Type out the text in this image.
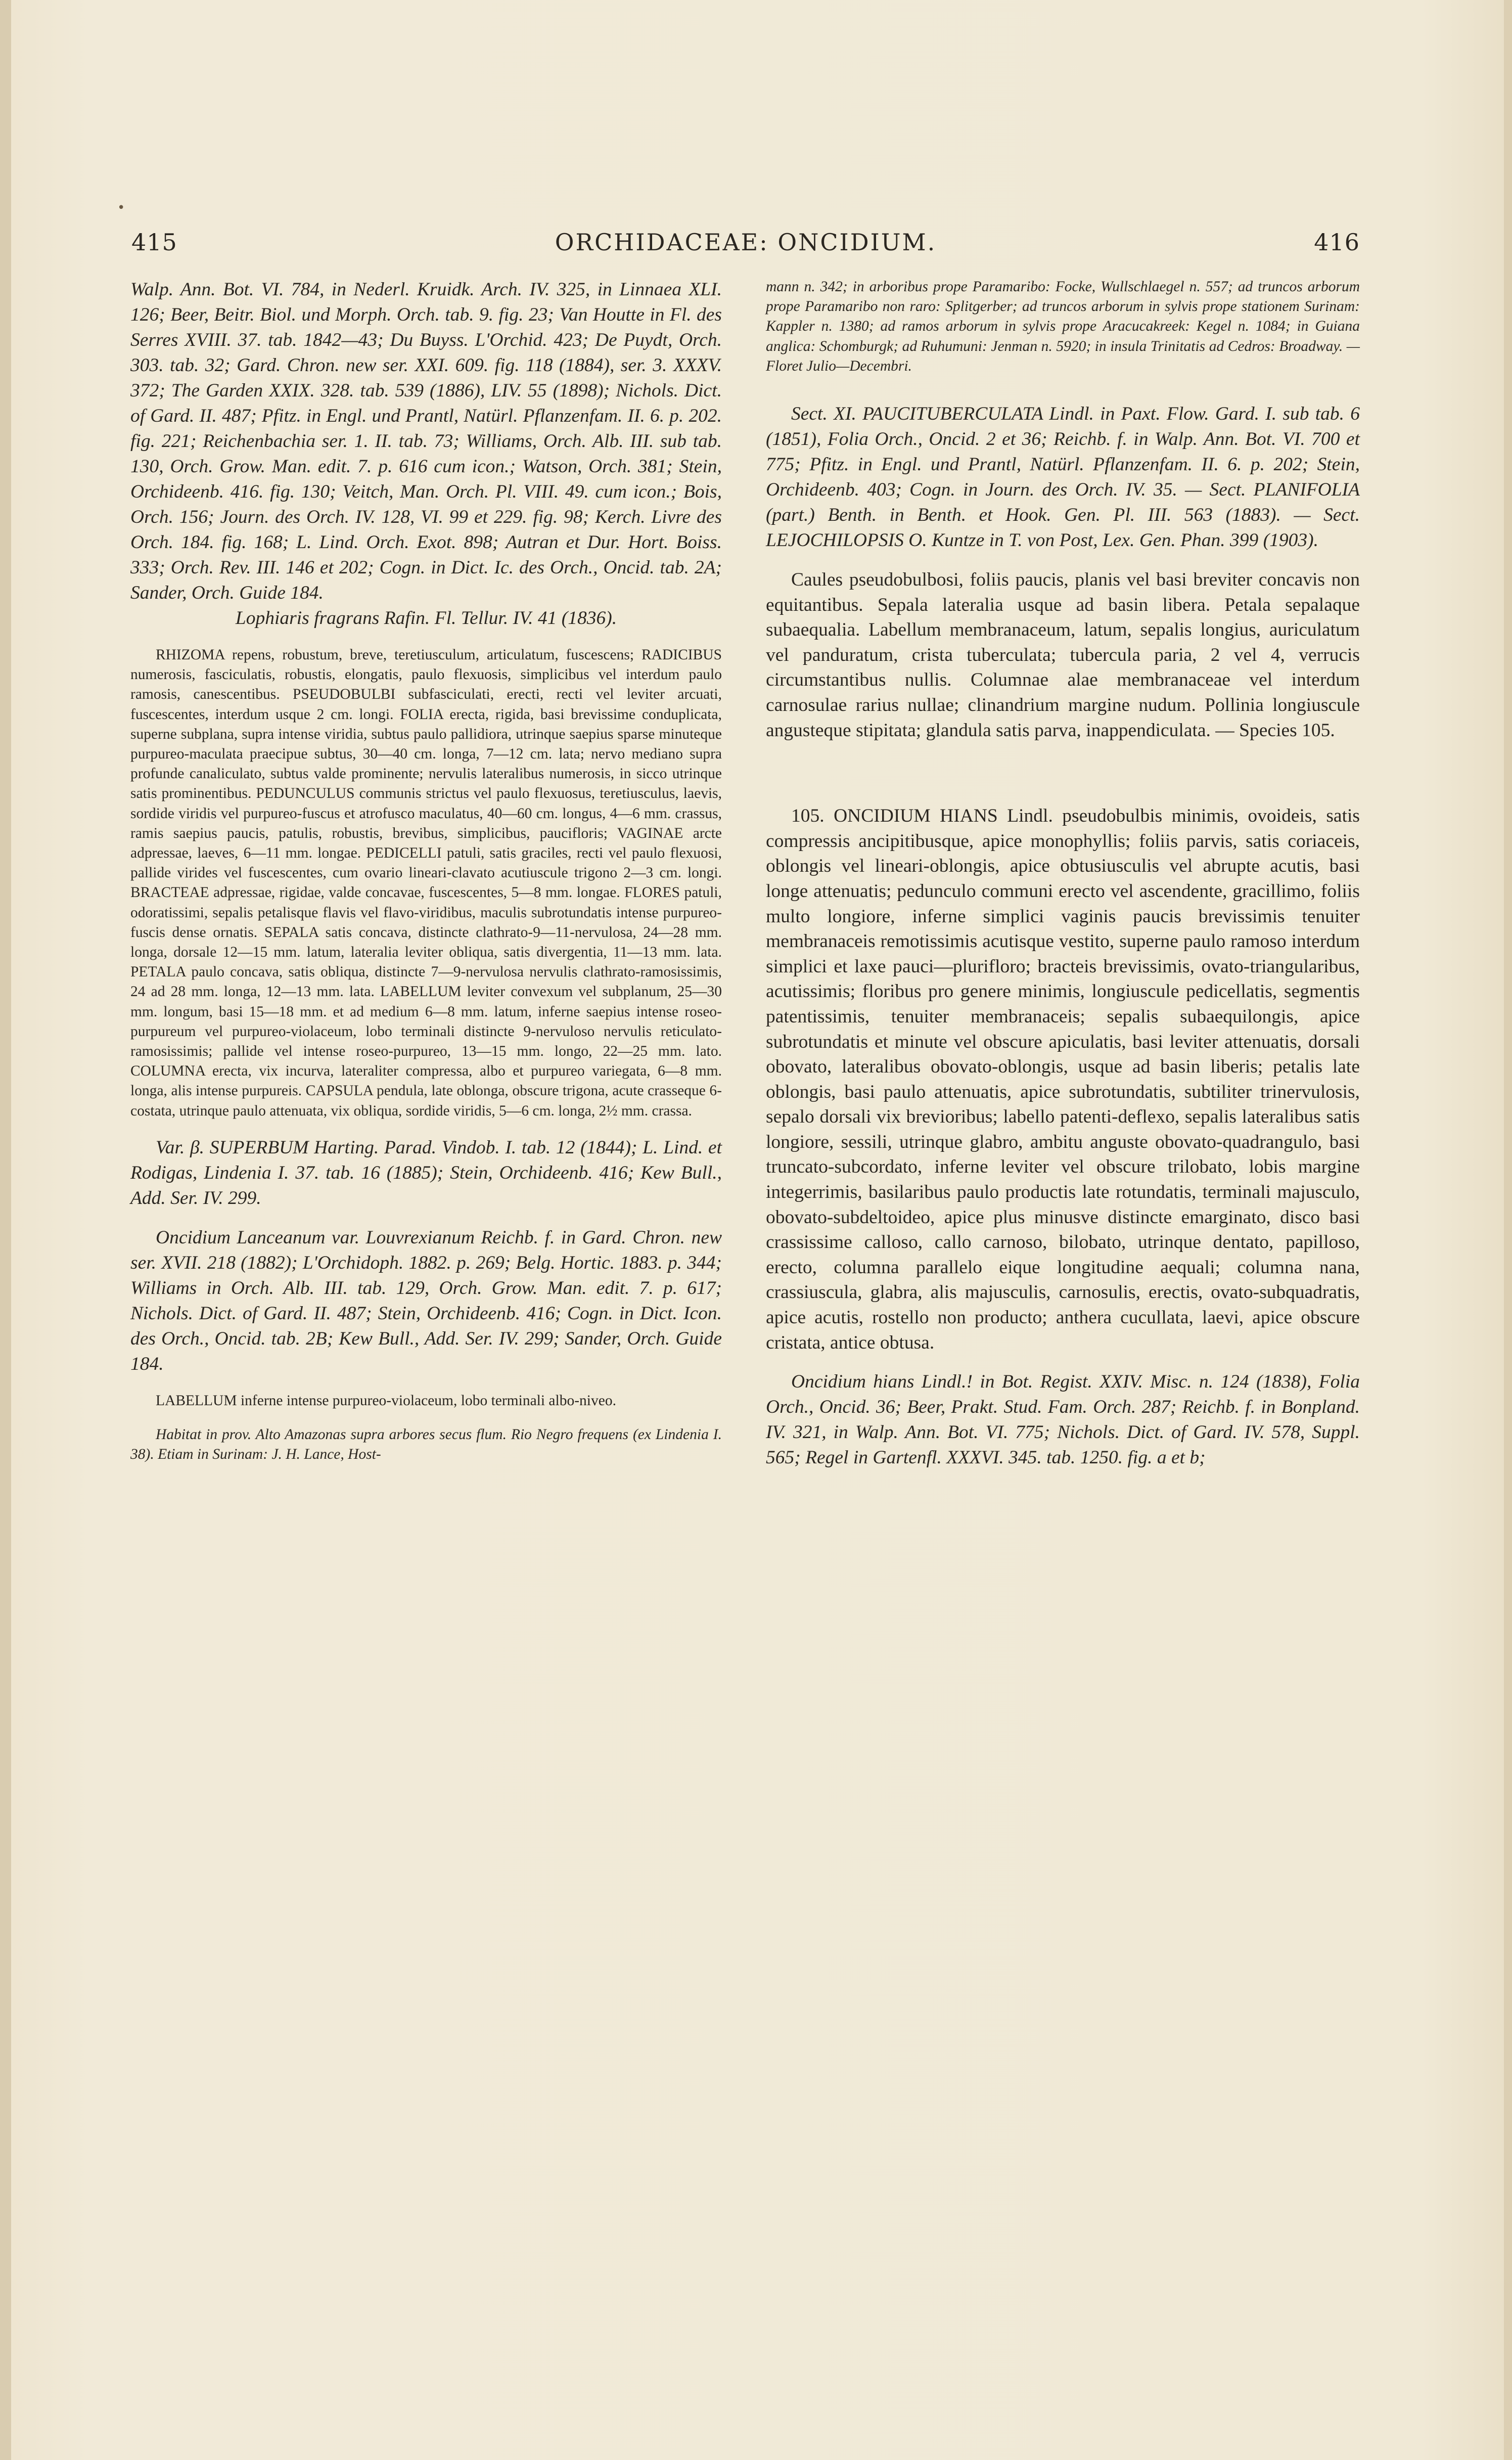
•
415	ORCHIDACEAE: ONCIDIUM.	416

Walp. Ann. Bot. VI. 784, in Nederl. Kruidk. Arch. IV. 325, in Linnaea XLI. 126; Beer, Beitr. Biol. und Morph. Orch. tab. 9. fig. 23; Van Houtte in Fl. des Serres XVIII. 37. tab. 1842—43; Du Buyss. L'Orchid. 423; De Puydt, Orch. 303. tab. 32; Gard. Chron. new ser. XXI. 609. fig. 118 (1884), ser. 3. XXXV. 372; The Garden XXIX. 328. tab. 539 (1886), LIV. 55 (1898); Nichols. Dict. of Gard. II. 487; Pfitz. in Engl. und Prantl, Natürl. Pflanzenfam. II. 6. p. 202. fig. 221; Reichenbachia ser. 1. II. tab. 73; Williams, Orch. Alb. III. sub tab. 130, Orch. Grow. Man. edit. 7. p. 616 cum icon.; Watson, Orch. 381; Stein, Orchideenb. 416. fig. 130; Veitch, Man. Orch. Pl. VIII. 49. cum icon.; Bois, Orch. 156; Journ. des Orch. IV. 128, VI. 99 et 229. fig. 98; Kerch. Livre des Orch. 184. fig. 168; L. Lind. Orch. Exot. 898; Autran et Dur. Hort. Boiss. 333; Orch. Rev. III. 146 et 202; Cogn. in Dict. Ic. des Orch., Oncid. tab. 2A; Sander, Orch. Guide 184.

Lophiaris fragrans Rafin. Fl. Tellur. IV. 41 (1836).

RHIZOMA repens, robustum, breve, teretiusculum, articulatum, fuscescens; RADICIBUS numerosis, fasciculatis, robustis, elongatis, paulo flexuosis, simplicibus vel interdum paulo ramosis, canescentibus. PSEUDOBULBI subfasciculati, erecti, recti vel leviter arcuati, fuscescentes, interdum usque 2 cm. longi. FOLIA erecta, rigida, basi brevissime conduplicata, superne subplana, supra intense viridia, subtus paulo pallidiora, utrinque saepius sparse minuteque purpureo-maculata praecipue subtus, 30—40 cm. longa, 7—12 cm. lata; nervo mediano supra profunde canaliculato, subtus valde prominente; nervulis lateralibus numerosis, in sicco utrinque satis prominentibus. PEDUNCULUS communis strictus vel paulo flexuosus, teretiusculus, laevis, sordide viridis vel purpureo-fuscus et atrofusco maculatus, 40—60 cm. longus, 4—6 mm. crassus, ramis saepius paucis, patulis, robustis, brevibus, simplicibus, paucifloris; VAGINAE arcte adpressae, laeves, 6—11 mm. longae. PEDICELLI patuli, satis graciles, recti vel paulo flexuosi, pallide virides vel fuscescentes, cum ovario lineari-clavato acutiuscule trigono 2—3 cm. longi. BRACTEAE adpressae, rigidae, valde concavae, fuscescentes, 5—8 mm. longae. FLORES patuli, odoratissimi, sepalis petalisque flavis vel flavo-viridibus, maculis subrotundatis intense purpureo-fuscis dense ornatis. SEPALA satis concava, distincte clathrato-9—11-nervulosa, 24—28 mm. longa, dorsale 12—15 mm. latum, lateralia leviter obliqua, satis divergentia, 11—13 mm. lata. PETALA paulo concava, satis obliqua, distincte 7—9-nervulosa nervulis clathrato-ramosissimis, 24 ad 28 mm. longa, 12—13 mm. lata. LABELLUM leviter convexum vel subplanum, 25—30 mm. longum, basi 15—18 mm. et ad medium 6—8 mm. latum, inferne saepius intense roseo-purpureum vel purpureo-violaceum, lobo terminali distincte 9-nervuloso nervulis reticulato-ramosissimis; pallide vel intense roseo-purpureo, 13—15 mm. longo, 22—25 mm. lato. COLUMNA erecta, vix incurva, lateraliter compressa, albo et purpureo variegata, 6—8 mm. longa, alis intense purpureis. CAPSULA pendula, late oblonga, obscure trigona, acute crasseque 6-costata, utrinque paulo attenuata, vix obliqua, sordide viridis, 5—6 cm. longa, 2½ mm. crassa.

Var. β. SUPERBUM Harting. Parad. Vindob. I. tab. 12 (1844); L. Lind. et Rodigas, Lindenia I. 37. tab. 16 (1885); Stein, Orchideenb. 416; Kew Bull., Add. Ser. IV. 299.

Oncidium Lanceanum var. Louvrexianum Reichb. f. in Gard. Chron. new ser. XVII. 218 (1882); L'Orchidoph. 1882. p. 269; Belg. Hortic. 1883. p. 344; Williams in Orch. Alb. III. tab. 129, Orch. Grow. Man. edit. 7. p. 617; Nichols. Dict. of Gard. II. 487; Stein, Orchideenb. 416; Cogn. in Dict. Icon. des Orch., Oncid. tab. 2B; Kew Bull., Add. Ser. IV. 299; Sander, Orch. Guide 184.

LABELLUM inferne intense purpureo-violaceum, lobo terminali albo-niveo.

Habitat in prov. Alto Amazonas supra arbores secus flum. Rio Negro frequens (ex Lindenia I. 38). Etiam in Surinam: J. H. Lance, Host-

mann n. 342; in arboribus prope Paramaribo: Focke, Wullschlaegel n. 557; ad truncos arborum prope Paramaribo non raro: Splitgerber; ad truncos arborum in sylvis prope stationem Surinam: Kappler n. 1380; ad ramos arborum in sylvis prope Aracucakreek: Kegel n. 1084; in Guiana anglica: Schomburgk; ad Ruhumuni: Jenman n. 5920; in insula Trinitatis ad Cedros: Broadway. — Floret Julio—Decembri.

Sect. XI. PAUCITUBERCULATA Lindl. in Paxt. Flow. Gard. I. sub tab. 6 (1851), Folia Orch., Oncid. 2 et 36; Reichb. f. in Walp. Ann. Bot. VI. 700 et 775; Pfitz. in Engl. und Prantl, Natürl. Pflanzenfam. II. 6. p. 202; Stein, Orchideenb. 403; Cogn. in Journ. des Orch. IV. 35. — Sect. PLANIFOLIA (part.) Benth. in Benth. et Hook. Gen. Pl. III. 563 (1883). — Sect. LEJOCHILOPSIS O. Kuntze in T. von Post, Lex. Gen. Phan. 399 (1903).

Caules pseudobulbosi, foliis paucis, planis vel basi breviter concavis non equitantibus. Sepala lateralia usque ad basin libera. Petala sepalaque subaequalia. Labellum membranaceum, latum, sepalis longius, auriculatum vel panduratum, crista tuberculata; tubercula paria, 2 vel 4, verrucis circumstantibus nullis. Columnae alae membranaceae vel interdum carnosulae rarius nullae; clinandrium margine nudum. Pollinia longiuscule angusteque stipitata; glandula satis parva, inappendiculata. — Species 105.

105. ONCIDIUM HIANS Lindl. pseudobulbis minimis, ovoideis, satis compressis ancipitibusque, apice monophyllis; foliis parvis, satis coriaceis, oblongis vel lineari-oblongis, apice obtusiusculis vel abrupte acutis, basi longe attenuatis; pedunculo communi erecto vel ascendente, gracillimo, foliis multo longiore, inferne simplici vaginis paucis brevissimis tenuiter membranaceis remotissimis acutisque vestito, superne paulo ramoso interdum simplici et laxe pauci—plurifloro; bracteis brevissimis, ovato-triangularibus, acutissimis; floribus pro genere minimis, longiuscule pedicellatis, segmentis patentissimis, tenuiter membranaceis; sepalis subaequilongis, apice subrotundatis et minute vel obscure apiculatis, basi leviter attenuatis, dorsali obovato, lateralibus obovato-oblongis, usque ad basin liberis; petalis late oblongis, basi paulo attenuatis, apice subrotundatis, subtiliter trinervulosis, sepalo dorsali vix brevioribus; labello patenti-deflexo, sepalis lateralibus satis longiore, sessili, utrinque glabro, ambitu anguste obovato-quadrangulo, basi truncato-subcordato, inferne leviter vel obscure trilobato, lobis margine integerrimis, basilaribus paulo productis late rotundatis, terminali majusculo, obovato-subdeltoideo, apice plus minusve distincte emarginato, disco basi crassissime calloso, callo carnoso, bilobato, utrinque dentato, papilloso, erecto, columna parallelo eique longitudine aequali; columna nana, crassiuscula, glabra, alis majusculis, carnosulis, erectis, ovato-subquadratis, apice acutis, rostello non producto; anthera cucullata, laevi, apice obscure cristata, antice obtusa.

Oncidium hians Lindl.! in Bot. Regist. XXIV. Misc. n. 124 (1838), Folia Orch., Oncid. 36; Beer, Prakt. Stud. Fam. Orch. 287; Reichb. f. in Bonpland. IV. 321, in Walp. Ann. Bot. VI. 775; Nichols. Dict. of Gard. IV. 578, Suppl. 565; Regel in Gartenfl. XXXVI. 345. tab. 1250. fig. a et b;
